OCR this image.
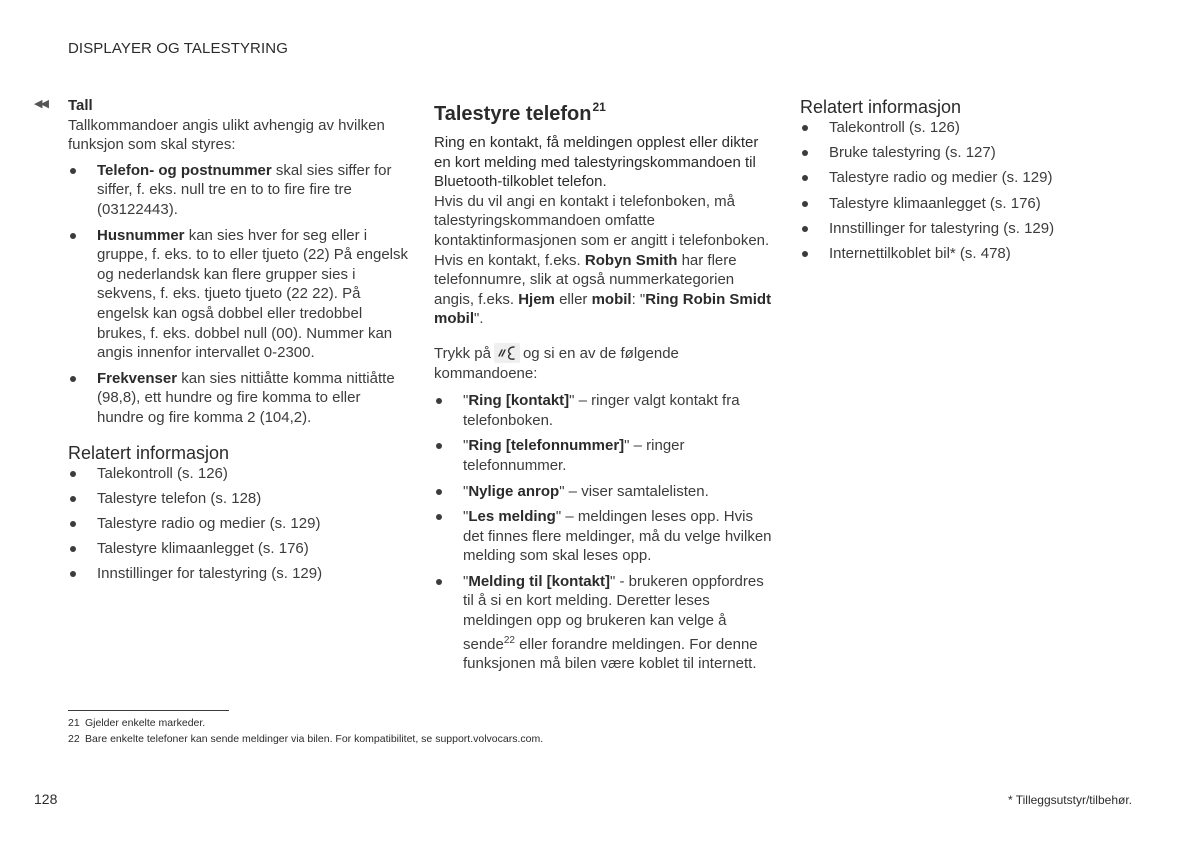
DISPLAYER OG TALESTYRING
◀◀ Tall

Tallkommandoer angis ulikt avhengig av hvilken funksjon som skal styres:

Telefon- og postnummer skal sies siffer for siffer, f. eks. null tre en to to fire fire tre (03122443).
Husnummer kan sies hver for seg eller i gruppe, f. eks. to to eller tjueto (22) På engelsk og nederlandsk kan flere grupper sies i sekvens, f. eks. tjueto tjueto (22 22). På engelsk kan også dobbel eller tredobbel brukes, f. eks. dobbel null (00). Nummer kan angis innenfor intervallet 0-2300.
Frekvenser kan sies nittiåtte komma nittiåtte (98,8), ett hundre og fire komma to eller hundre og fire komma 2 (104,2).

Relatert informasjon

Talekontroll (s. 126)
Talestyre telefon (s. 128)
Talestyre radio og medier (s. 129)
Talestyre klimaanlegget (s. 176)
Innstillinger for talestyring (s. 129)
Talestyre telefon$^{21}$

Ring en kontakt, få meldingen opplest eller dikter en kort melding med talestyringskommandoen til Bluetooth-tilkoblet telefon.

Hvis du vil angi en kontakt i telefonboken, må talestyringskommandoen omfatte kontaktinformasjonen som er angitt i telefonboken. Hvis en kontakt, f.eks. Robyn Smith har flere telefonnumre, slik at også nummerkategorien angis, f.eks. Hjem eller mobil: "Ring Robin Smidt mobil".

Trykk på og si en av de følgende kommandoene:

"Ring [kontakt]" – ringer valgt kontakt fra telefonboken.
"Ring [telefonnummer]" – ringer telefonnummer.
"Nylige anrop" – viser samtalelisten.
"Les melding" – meldingen leses opp. Hvis det finnes flere meldinger, må du velge hvilken melding som skal leses opp.
"Melding til [kontakt]" - brukeren oppfordres til å si en kort melding. Deretter leses meldingen opp og brukeren kan velge å sende$^{22}$ eller forandre meldingen. For denne funksjonen må bilen være koblet til internett.

Relatert informasjon

Talekontroll (s. 126)
Bruke talestyring (s. 127)
Talestyre radio og medier (s. 129)
Talestyre klimaanlegget (s. 176)
Innstillinger for talestyring (s. 129)
Internettilkoblet bil* (s. 478)
21 Gjelder enkelte markeder.
22 Bare enkelte telefoner kan sende meldinger via bilen. For kompatibilitet, se support.volvocars.com.
128	* Tilleggsutstyr/tilbehør.
